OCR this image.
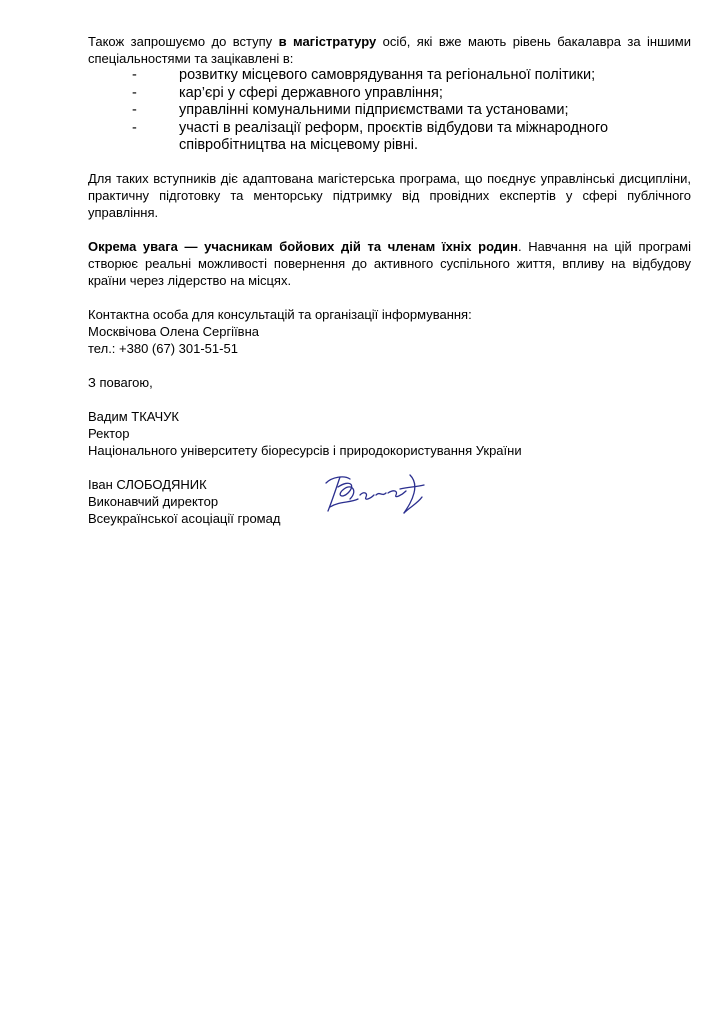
Також запрошуємо до вступу в магістратуру осіб, які вже мають рівень бакалавра за іншими спеціальностями та зацікавлені в:

-	розвитку місцевого самоврядування та регіональної політики;
-	кар’єрі у сфері державного управління;
-	управлінні комунальними підприємствами та установами;
-	участі в реалізації реформ, проєктів відбудови та міжнародного співробітництва на місцевому рівні.

Для таких вступників діє адаптована магістерська програма, що поєднує управлінські дисципліни, практичну підготовку та менторську підтримку від провідних експертів у сфері публічного управління.

Окрема увага — учасникам бойових дій та членам їхніх родин. Навчання на цій програмі створює реальні можливості повернення до активного суспільного життя, впливу на відбудову країни через лідерство на місцях.

Контактна особа для консультацій та організації інформування:

Москвічова Олена Сергіївна

тел.: +380 (67) 301-51-51

З повагою,

Вадим ТКАЧУК

Ректор

Національного університету біоресурсів і природокористування України

Іван СЛОБОДЯНИК

Виконавчий директор

Всеукраїнської асоціації громад
